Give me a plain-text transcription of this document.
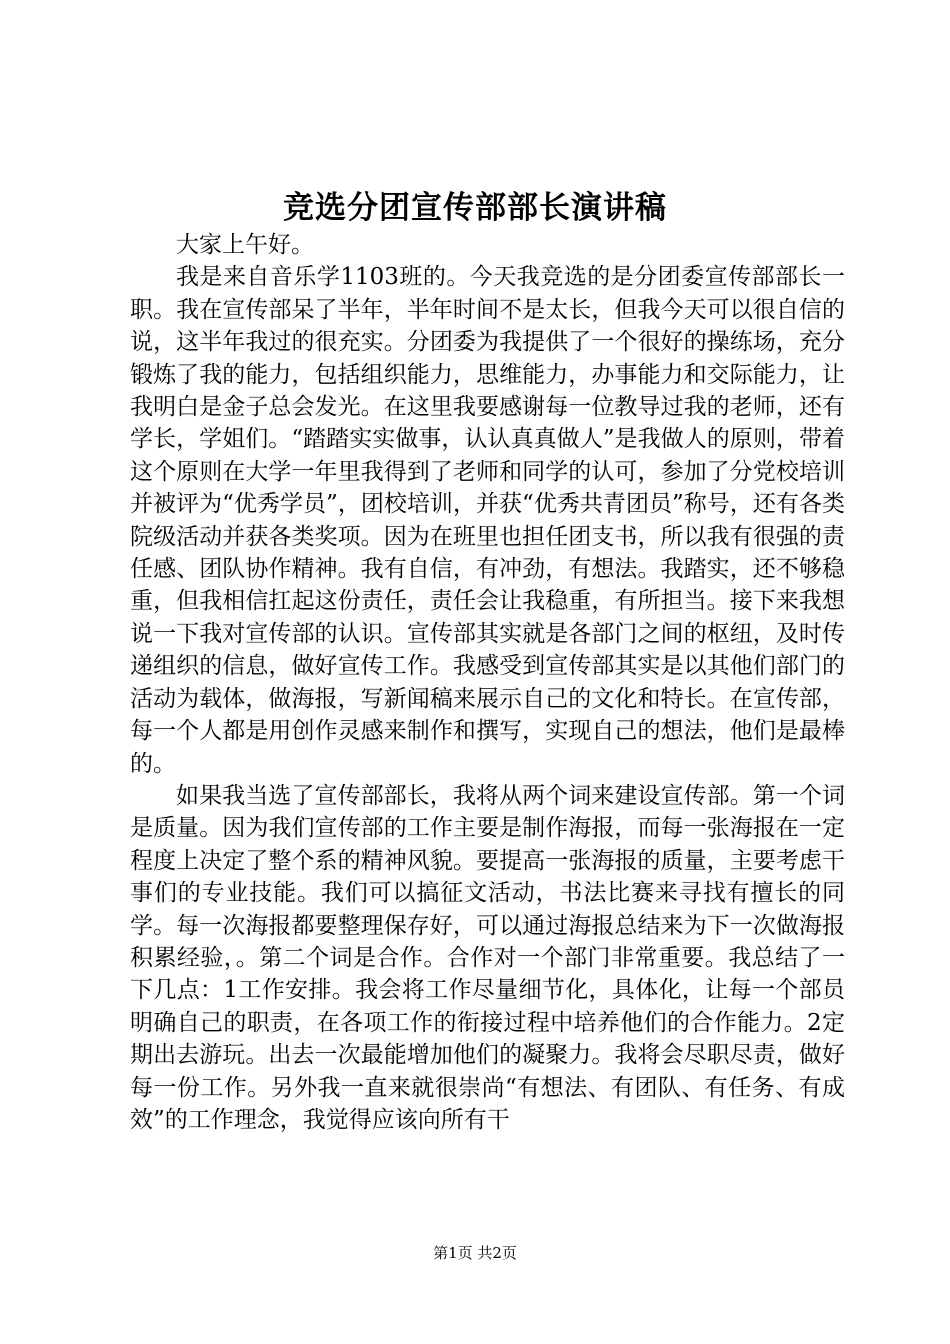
竞选分团宣传部部长演讲稿

大家上午好。

我是来自音乐学1103班的。今天我竞选的是分团委宣传部部长一职。我在宣传部呆了半年，半年时间不是太长，但我今天可以很自信的说，这半年我过的很充实。分团委为我提供了一个很好的操练场，充分锻炼了我的能力，包括组织能力，思维能力，办事能力和交际能力，让我明白是金子总会发光。在这里我要感谢每一位教导过我的老师，还有学长，学姐们。“踏踏实实做事，认认真真做人”是我做人的原则，带着这个原则在大学一年里我得到了老师和同学的认可，参加了分党校培训并被评为“优秀学员”，团校培训，并获“优秀共青团员”称号，还有各类院级活动并获各类奖项。因为在班里也担任团支书，所以我有很强的责任感、团队协作精神。我有自信，有冲劲，有想法。我踏实，还不够稳重，但我相信扛起这份责任，责任会让我稳重，有所担当。接下来我想说一下我对宣传部的认识。宣传部其实就是各部门之间的枢纽，及时传递组织的信息，做好宣传工作。我感受到宣传部其实是以其他们部门的活动为载体，做海报，写新闻稿来展示自己的文化和特长。在宣传部，每一个人都是用创作灵感来制作和撰写，实现自己的想法，他们是最棒的。

如果我当选了宣传部部长，我将从两个词来建设宣传部。第一个词是质量。因为我们宣传部的工作主要是制作海报，而每一张海报在一定程度上决定了整个系的精神风貌。要提高一张海报的质量，主要考虑干事们的专业技能。我们可以搞征文活动，书法比赛来寻找有擅长的同学。每一次海报都要整理保存好，可以通过海报总结来为下一次做海报积累经验，。第二个词是合作。合作对一个部门非常重要。我总结了一下几点：1工作安排。我会将工作尽量细节化，具体化，让每一个部员明确自己的职责，在各项工作的衔接过程中培养他们的合作能力。2定期出去游玩。出去一次最能增加他们的凝聚力。我将会尽职尽责，做好每一份工作。另外我一直来就很崇尚“有想法、有团队、有任务、有成效”的工作理念，我觉得应该向所有干

第1页 共2页
